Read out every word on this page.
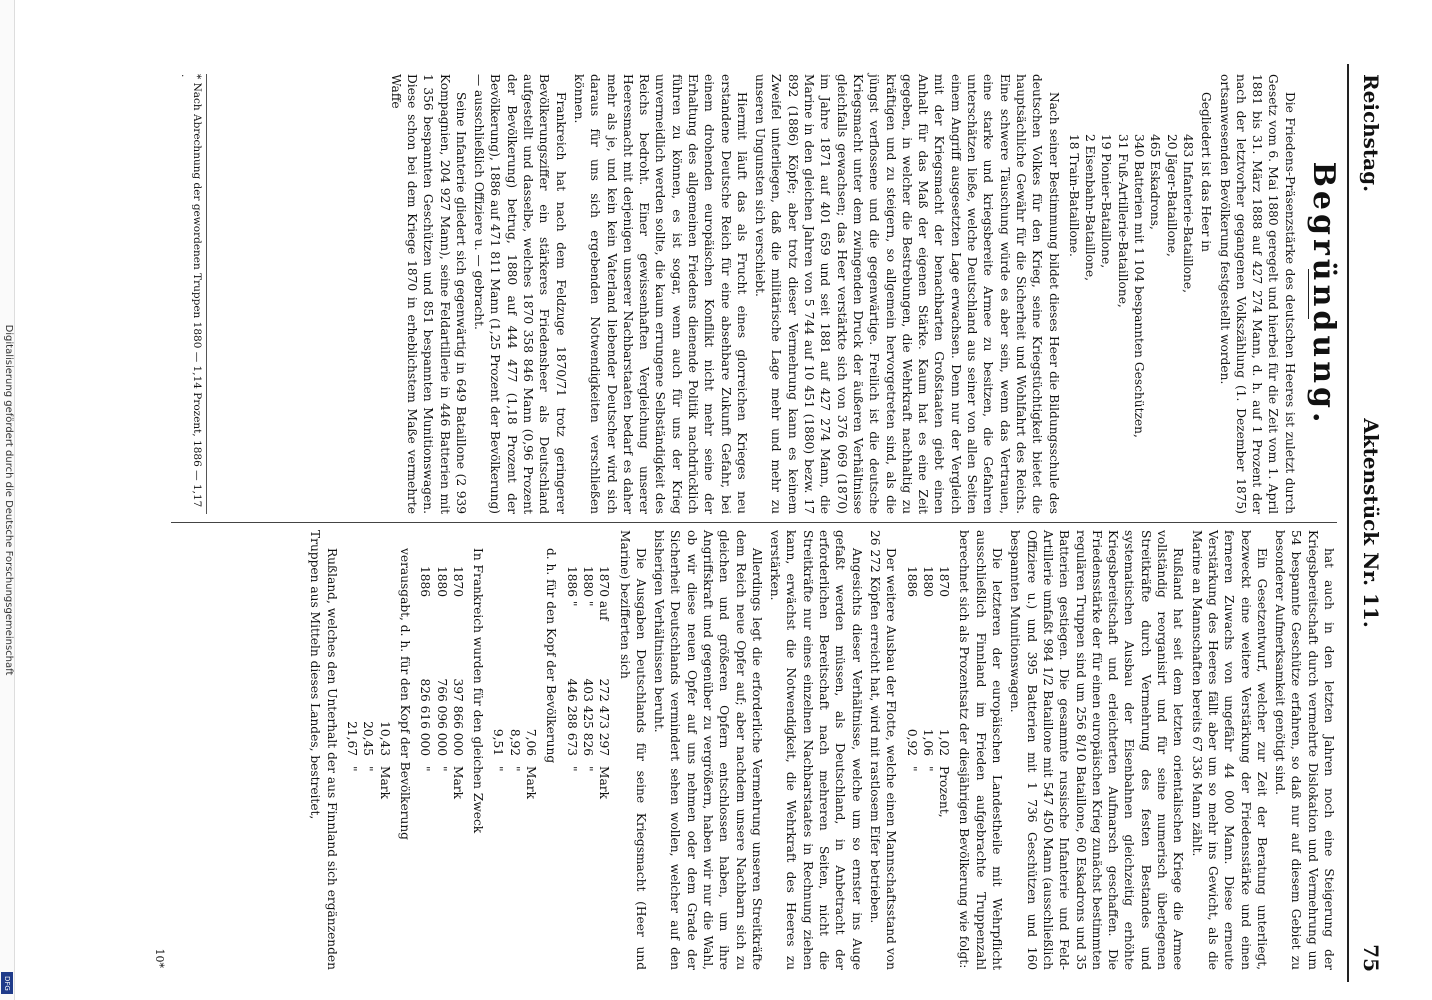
Digitalisierung gefördert durch die Deutsche Forschungsgemeinschaft
DFG
Reichstag.
Aktenstück Nr. 11.
75
Begründung.

Die Friedens-Präsenzstärke des deutschen Heeres ist zuletzt durch Gesetz vom 6. Mai 1880 geregelt und hierbei für die Zeit vom 1. April 1881 bis 31. März 1888 auf 427 274 Mann, d. h. auf 1 Prozent der nach der letztvorher gegangenen Volkszählung (1. Dezember 1875) ortsanwesenden Bevölkerung festgestellt worden.

Gegliedert ist das Heer in

483 Infanterie-Bataillone,
20 Jäger-Bataillone,
465 Eskadrons,
340 Batterien mit 1 104 bespannten Geschützen,
31 Fuß-Artillerie-Bataillone,
19 Pionier-Bataillone,
2 Eisenbahn-Bataillone,
18 Train-Bataillone.

Nach seiner Bestimmung bildet dieses Heer die Bildungsschule des deutschen Volkes für den Krieg, seine Kriegstüchtigkeit bietet die hauptsächliche Gewähr für die Sicherheit und Wohlfahrt des Reichs. Eine schwere Täuschung würde es aber sein, wenn das Vertrauen, eine starke und kriegsbereite Armee zu besitzen, die Gefahren unterschätzen ließe, welche Deutschland aus seiner von allen Seiten einem Angriff ausgesetzten Lage erwachsen. Denn nur der Vergleich mit der Kriegsmacht der benachbarten Großstaaten giebt einen Anhalt für das Maß der eigenen Stärke. Kaum hat es eine Zeit gegeben, in welcher die Bestrebungen, die Wehrkraft nachhaltig zu kräftigen und zu steigern, so allgemein hervorgetreten sind, als die jüngst verflossene und die gegenwärtige. Freilich ist die deutsche Kriegsmacht unter dem zwingenden Druck der äußeren Verhältnisse gleichfalls gewachsen; das Heer verstärkte sich von 376 069 (1870) im Jahre 1871 auf 401 659 und seit 1881 auf 427 274 Mann, die Marine in den gleichen Jahren von 5 744 auf 10 451 (1880) bezw. 17 892 (1886) Köpfe; aber trotz dieser Vermehrung kann es keinem Zweifel unterliegen, daß die militärische Lage mehr und mehr zu unseren Ungunsten sich verschiebt.

Hiermit läuft das als Frucht eines glorreichen Krieges neu erstandene Deutsche Reich für eine absehbare Zukunft Gefahr, bei einem drohenden europäischen Konflikt nicht mehr seine der Erhaltung des allgemeinen Friedens dienende Politik nachdrücklich führen zu können, es ist sogar, wenn auch für uns der Krieg unvermeidlich werden sollte, die kaum errungene Selbständigkeit des Reichs bedroht. Einer gewissenhaften Vergleichung unserer Heeresmacht mit derjenigen unserer Nachbarstaaten bedarf es daher mehr als je, und kein kein Vaterland liebender Deutscher wird sich daraus für uns sich ergebenden Notwendigkeiten verschließen können.

Frankreich hat nach dem Feldzuge 1870/71 trotz geringerer Bevölkerungsziffer ein stärkeres Friedensheer als Deutschland aufgestellt und dasselbe, welches 1870 358 846 Mann (0,96 Prozent der Bevölkerung) betrug, 1880 auf 444 477 (1,18 Prozent der Bevölkerung), 1886 auf 471 811 Mann (1,25 Prozent der Bevölkerung) — ausschließlich Offiziere u. — gebracht.

Seine Infanterie gliedert sich gegenwärtig in 649 Bataillone (2 939 Kompagnien, 204 927 Mann), seine Feldartillerie in 446 Batterien mit 1 356 bespannten Geschützen und 851 bespannten Munitionswagen. Diese schon bei dem Kriege 1870 in erheblichstem Maße vermehrte Waffe

* Nach Abrechnung der gewordenen Truppen 1880 — 1,14 Prozent, 1886 — 1,17 .

hat auch in den letzten Jahren noch eine Steigerung der Kriegsbereitschaft durch vermehrte Dislokation und Vermehrung um 54 bespannte Geschütze erfahren, so daß nur auf diesem Gebiet zu besonderer Aufmerksamkeit genötigt sind.

Ein Gesetzentwurf, welcher zur Zeit der Beratung unterliegt, bezweckt eine weitere Verstärkung der Friedensstärke und einen ferneren Zuwachs von ungefähr 44 000 Mann. Diese erneute Verstärkung des Heeres fällt aber um so mehr ins Gewicht, als die Marine an Mannschaften bereits 67 336 Mann zählt.

Rußland hat seit dem letzten orientalischen Kriege die Armee vollständig reorganisirt und für seine numerisch überlegenen Streitkräfte durch Vermehrung des festen Bestandes und systematischen Ausbau der Eisenbahnen gleichzeitig erhöhte Kriegsbereitschaft und erleichterten Aufmarsch geschaffen. Die Friedensstärke der für einen europäischen Krieg zunächst bestimmten regulären Truppen sind um 256 8/10 Bataillone, 60 Eskadrons und 35 Batterien gestiegen. Die gesammte russische Infanterie und Feld-Artillerie umfaßt 984 1/2 Bataillone mit 547 450 Mann (ausschließlich Offiziere u.) und 395 Batterien mit 1 736 Geschützen und 160 bespannten Munitionswagen.

Die letzteren der europäischen Landestheile mit Wehrpflicht ausschließlich Finnland im Frieden aufgebrachte Truppenzahl berechnet sich als Prozentsatz der diesjährigen Bevölkerung wie folgt:

1870
1,02
Prozent,
1880
1,06
"
1886
0,92
"

Der weitere Ausbau der Flotte, welche einen Mannschaftsstand von 26 272 Köpfen erreicht hat, wird mit rastlosem Eifer betrieben.

Angesichts dieser Verhältnisse, welche um so ernster ins Auge gefaßt werden müssen, als Deutschland, in Anbetracht der erforderlichen Bereitschaft nach mehreren Seiten, nicht die Streitkräfte nur eines einzelnen Nachbarstaates in Rechnung ziehen kann, erwächst die Notwendigkeit, die Wehrkraft des Heeres zu verstärken.

Allerdings legt die erforderliche Vermehrung unseren Streitkräfte dem Reich neue Opfer auf; aber nachdem unsere Nachbarn sich zu gleichen und größeren Opfern entschlossen haben, um ihre Angriffskraft und gegenüber zu vergrößern, haben wir nur die Wahl, ob wir diese neuen Opfer auf uns nehmen oder dem Grade der Sicherheit Deutschlands vermindert sehen wollen, welcher auf den bisherigen Verhältnissen beruht.

Die Ausgaben Deutschlands für seine Kriegsmacht (Heer und Marine) bezifferten sich

1870 auf
272 473 297
Mark
1880 "
403 425 826
"
1886 "
446 288 673
"

d. h. für den Kopf der Bevölkerung

7,06
Mark
8,92
"
9,51
"

In Frankreich wurden für den gleichen Zweck

1870
397 866 000
Mark
1880
766 096 000
"
1886
826 616 000
"

verausgabt, d. h. für den Kopf der Bevölkerung

10,43
Mark
20,45
"
21,67
"

Rußland, welches den Unterhalt der aus Finnland sich ergänzenden Truppen aus Mitteln dieses Landes, bestreitet,

10*
